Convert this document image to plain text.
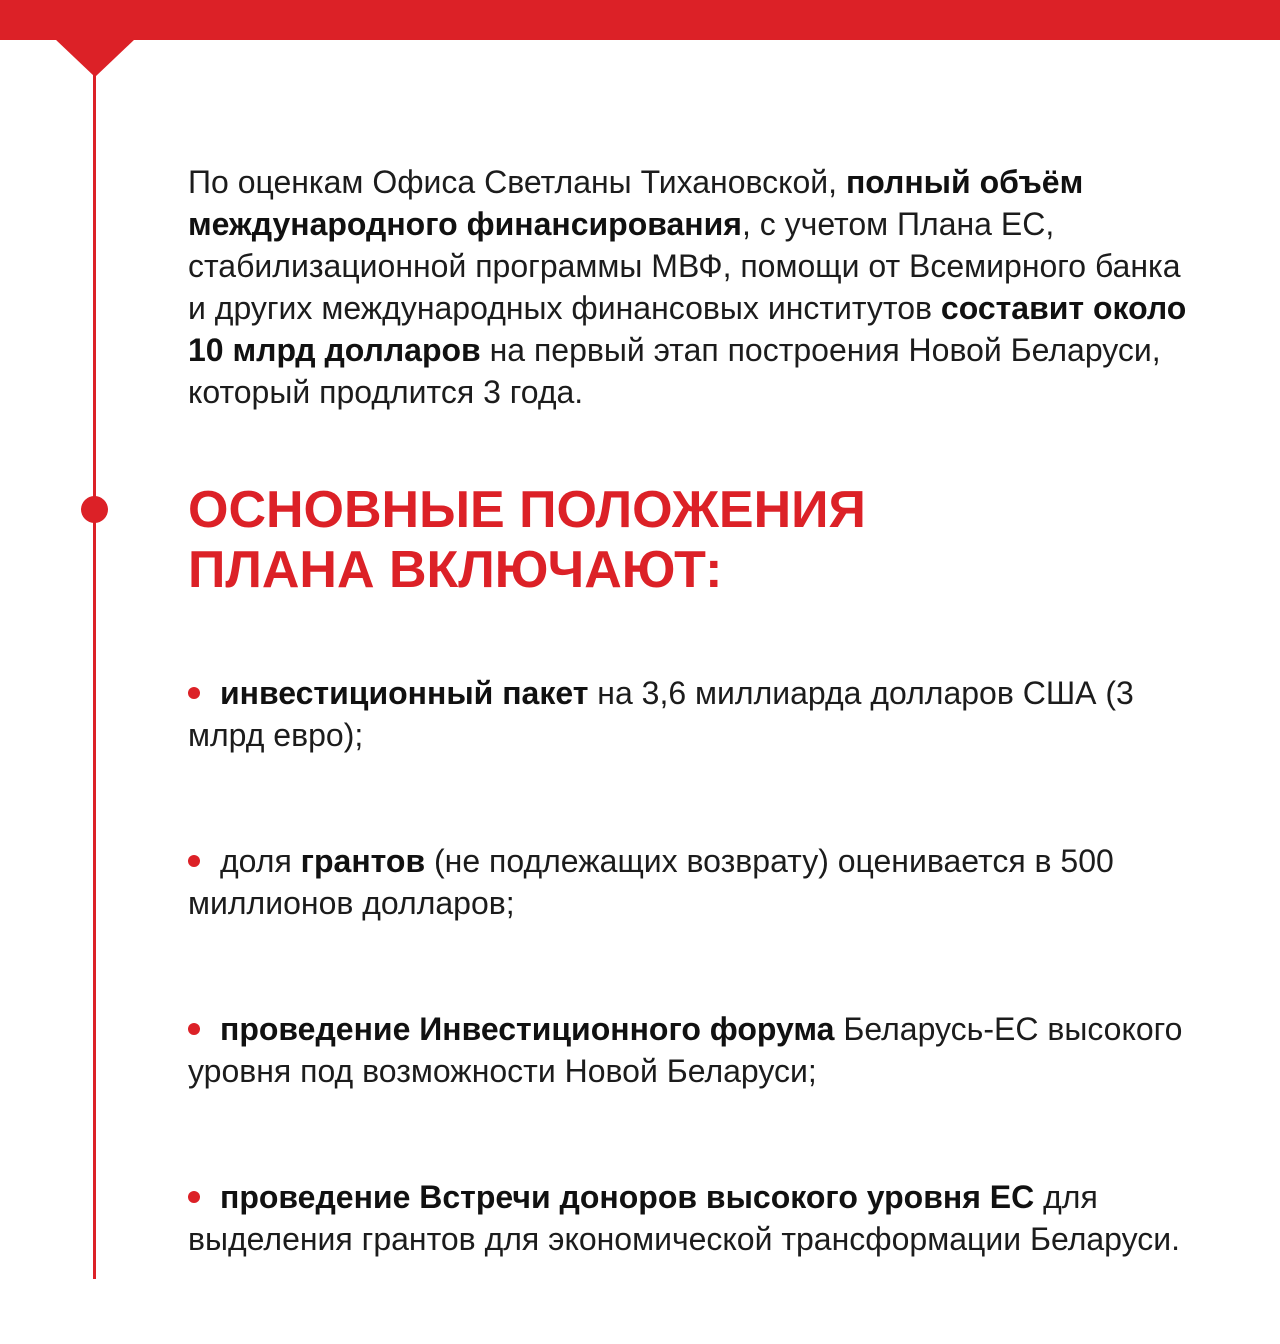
По оценкам Офиса Светланы Тихановской, полный объём международного финансирования, с учетом Плана ЕС, стабилизационной программы МВФ, помощи от Всемирного банка и других международных финансовых институтов составит около 10 млрд долларов на первый этап построения Новой Беларуси, который продлится 3 года.

ОСНОВНЫЕ ПОЛОЖЕНИЯ
ПЛАНА ВКЛЮЧАЮТ:
инвестиционный пакет на 3,6 миллиарда долларов США (3 млрд евро);
доля грантов (не подлежащих возврату) оценивается в 500 миллионов долларов;
проведение Инвестиционного форума Беларусь-ЕС высокого уровня под возможности Новой Беларуси;
проведение Встречи доноров высокого уровня ЕС для выделения грантов для экономической трансформации Беларуси.
